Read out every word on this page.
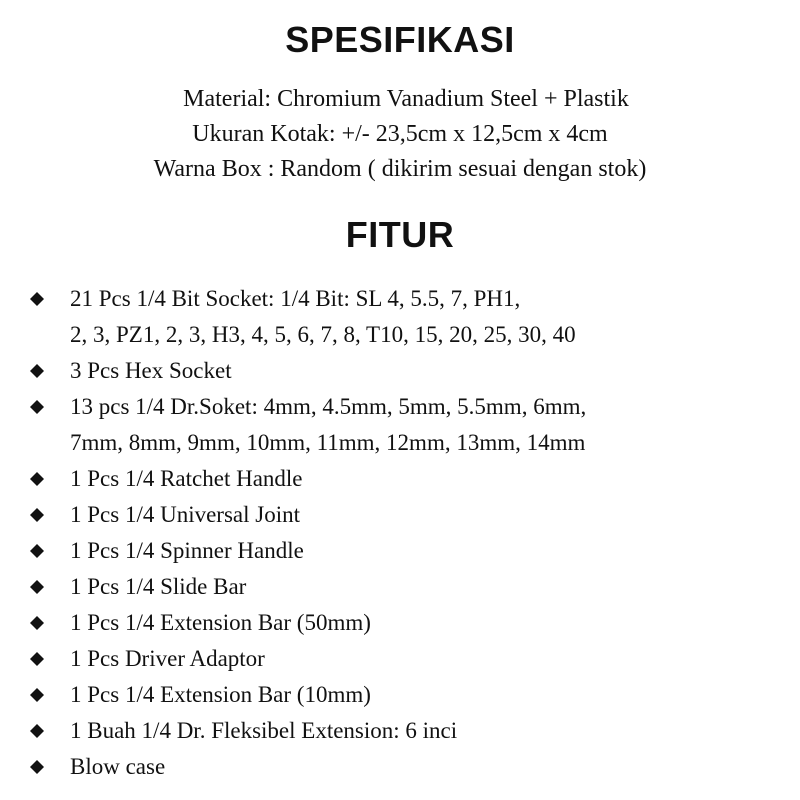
SPESIFIKASI
Material: Chromium Vanadium Steel + Plastik
Ukuran Kotak: +/- 23,5cm x 12,5cm x 4cm
Warna Box : Random ( dikirim sesuai dengan stok)
FITUR
21 Pcs 1/4 Bit Socket: 1/4 Bit: SL 4, 5.5, 7, PH1,
2, 3, PZ1, 2, 3, H3, 4, 5, 6, 7, 8, T10, 15, 20, 25, 30, 40
3 Pcs Hex Socket
13 pcs 1/4 Dr.Soket: 4mm, 4.5mm, 5mm, 5.5mm, 6mm,
7mm, 8mm, 9mm, 10mm, 11mm, 12mm, 13mm, 14mm
1 Pcs 1/4 Ratchet Handle
1 Pcs 1/4 Universal Joint
1 Pcs 1/4 Spinner Handle
1 Pcs 1/4 Slide Bar
1 Pcs 1/4 Extension Bar (50mm)
1 Pcs Driver Adaptor
1 Pcs 1/4 Extension Bar (10mm)
1 Buah 1/4 Dr. Fleksibel Extension: 6 inci
Blow case
